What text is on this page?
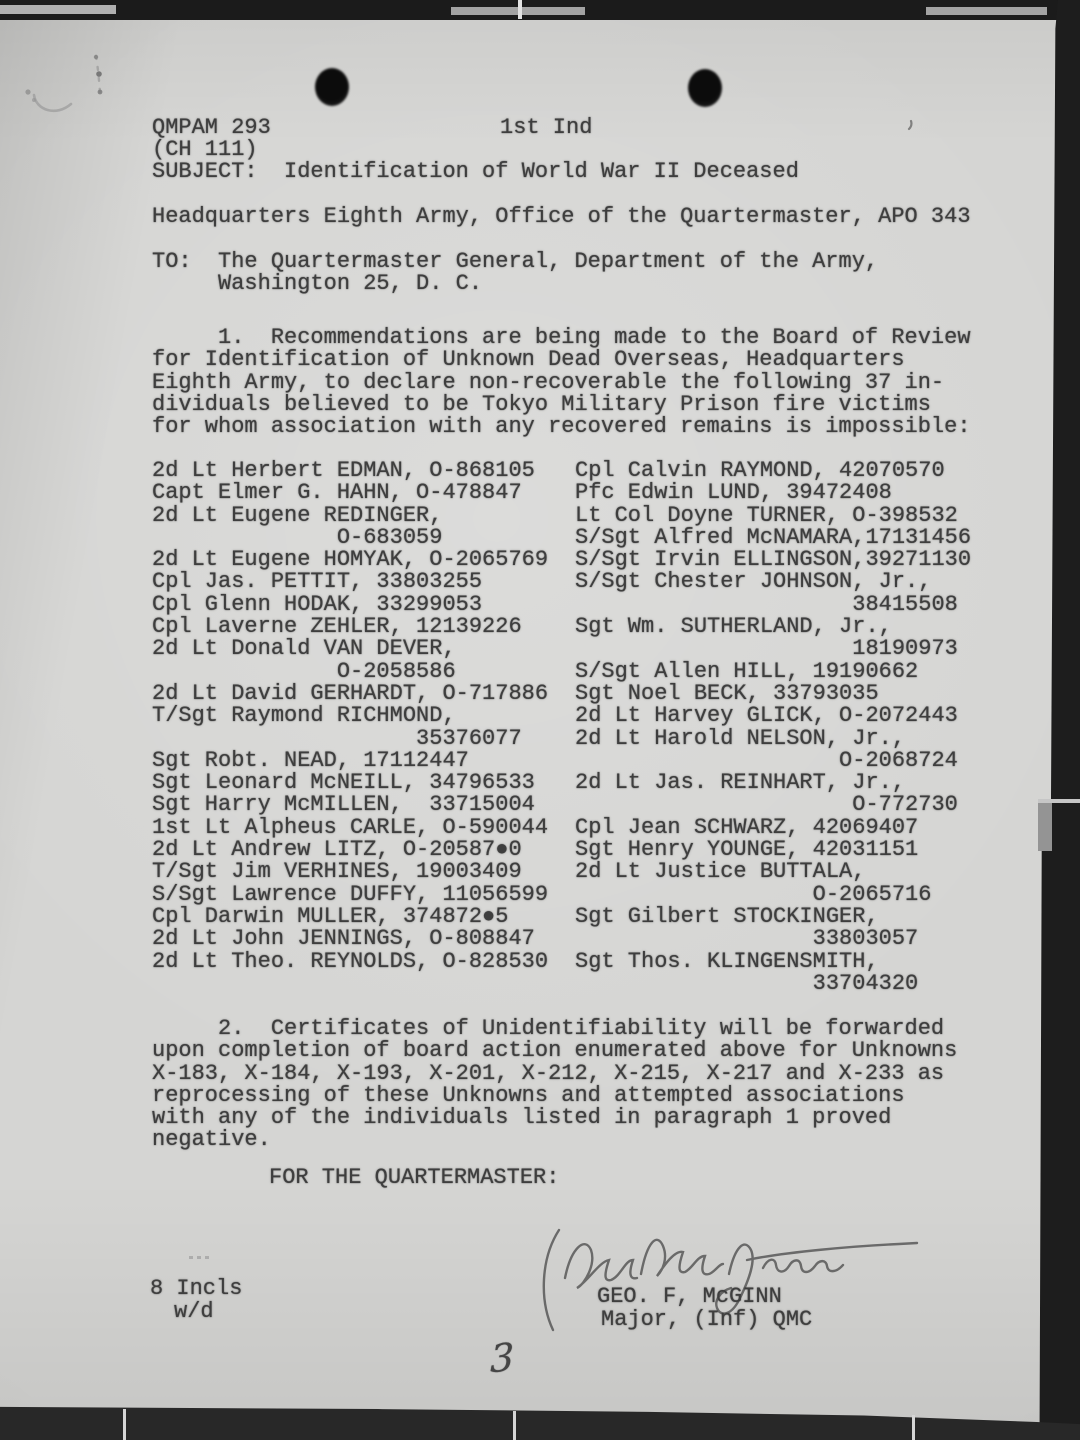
QMPAM 293	1st Ind
(CH 111)
SUBJECT:  Identification of World War II Deceased
Headquarters Eighth Army, Office of the Quartermaster, APO 343
TO:  The Quartermaster General, Department of the Army,
Washington 25, D. C.
1.  Recommendations are being made to the Board of Review
for Identification of Unknown Dead Overseas, Headquarters
Eighth Army, to declare non-recoverable the following 37 in-
dividuals believed to be Tokyo Military Prison fire victims
for whom association with any recovered remains is impossible:
2d Lt Herbert EDMAN, O-868105
Capt Elmer G. HAHN, O-478847
2d Lt Eugene REDINGER,
O-683059
2d Lt Eugene HOMYAK, O-2065769
Cpl Jas. PETTIT, 33803255
Cpl Glenn HODAK, 33299053
Cpl Laverne ZEHLER, 12139226
2d Lt Donald VAN DEVER,
O-2058586
2d Lt David GERHARDT, O-717886
T/Sgt Raymond RICHMOND,
35376077
Sgt Robt. NEAD, 17112447
Sgt Leonard McNEILL, 34796533
Sgt Harry McMILLEN,  33715004
1st Lt Alpheus CARLE, O-590044
2d Lt Andrew LITZ, O-20587●0
T/Sgt Jim VERHINES, 19003409
S/Sgt Lawrence DUFFY, 11056599
Cpl Darwin MULLER, 374872●5
2d Lt John JENNINGS, O-808847
2d Lt Theo. REYNOLDS, O-828530
Cpl Calvin RAYMOND, 42070570
Pfc Edwin LUND, 39472408
Lt Col Doyne TURNER, O-398532
S/Sgt Alfred McNAMARA,17131456
S/Sgt Irvin ELLINGSON,39271130
S/Sgt Chester JOHNSON, Jr.,
38415508
Sgt Wm. SUTHERLAND, Jr.,
18190973
S/Sgt Allen HILL, 19190662
Sgt Noel BECK, 33793035
2d Lt Harvey GLICK, O-2072443
2d Lt Harold NELSON, Jr.,
O-2068724
2d Lt Jas. REINHART, Jr.,
O-772730
Cpl Jean SCHWARZ, 42069407
Sgt Henry YOUNGE, 42031151
2d Lt Justice BUTTALA,
O-2065716
Sgt Gilbert STOCKINGER,
33803057
Sgt Thos. KLINGENSMITH,
33704320
2.  Certificates of Unidentifiability will be forwarded
upon completion of board action enumerated above for Unknowns
X-183, X-184, X-193, X-201, X-212, X-215, X-217 and X-233 as
reprocessing of these Unknowns and attempted associations
with any of the individuals listed in paragraph 1 proved
negative.
FOR THE QUARTERMASTER:
8 Incls
w/d
GEO. F, McGINN
Major, (Inf) QMC
3
